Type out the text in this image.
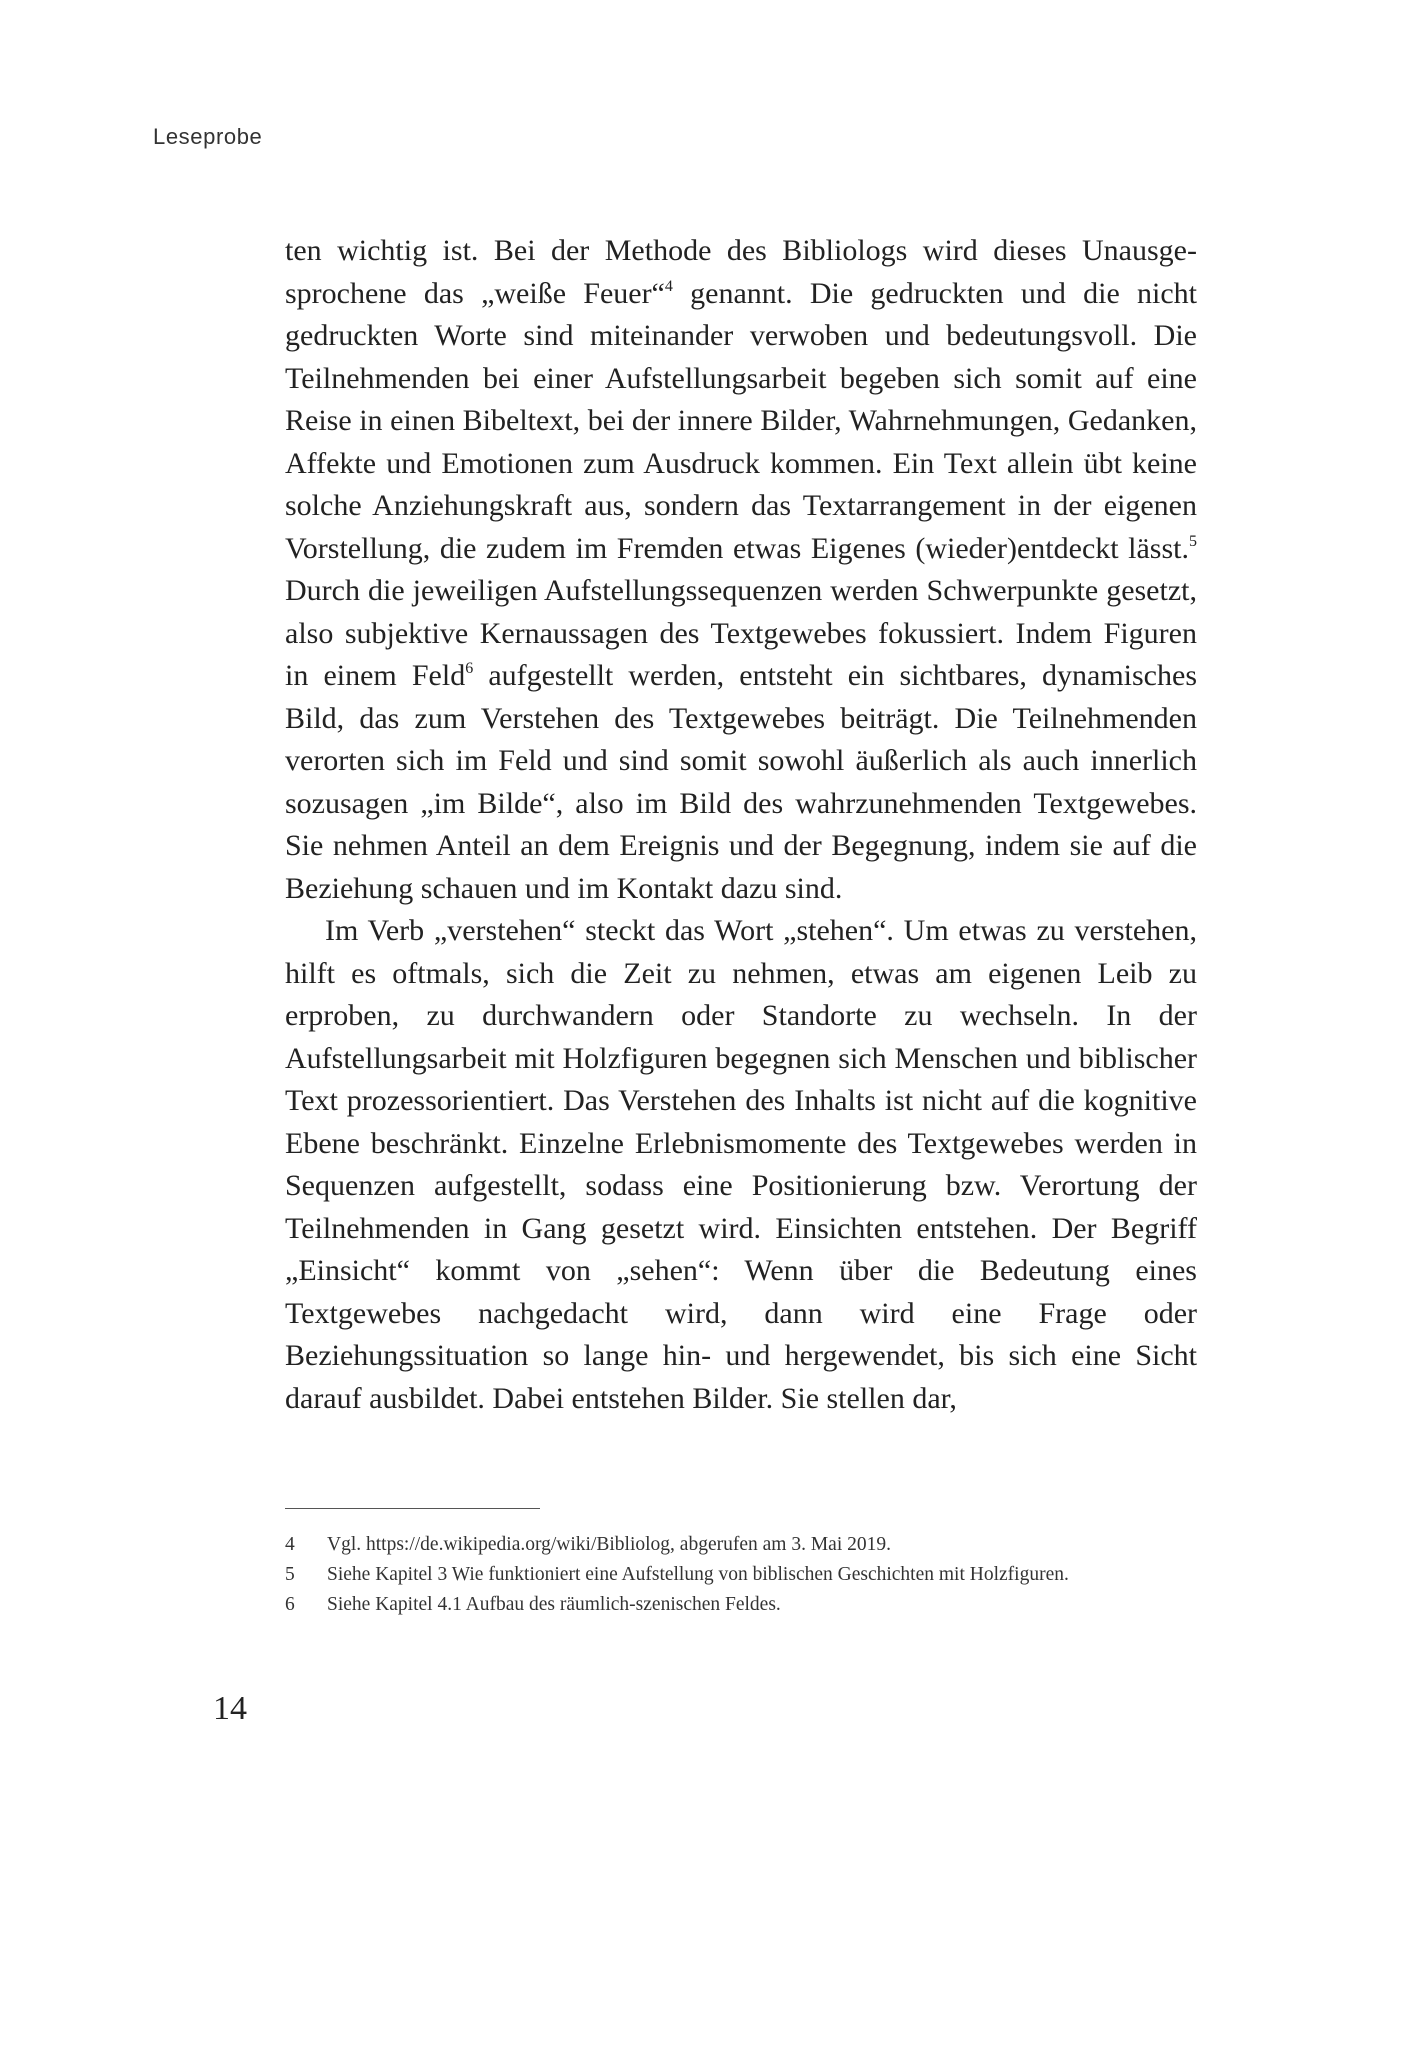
Leseprobe

ten wichtig ist. Bei der Methode des Bibliologs wird dieses Unausgesprochene das „weiße Feuer“$^4$ genannt. Die gedruckten und die nicht gedruckten Worte sind miteinander verwoben und bedeutungsvoll. Die Teilnehmenden bei einer Aufstellungsarbeit begeben sich somit auf eine Reise in einen Bibeltext, bei der innere Bilder, Wahrnehmungen, Gedanken, Affekte und Emotionen zum Ausdruck kommen. Ein Text allein übt keine solche Anziehungskraft aus, sondern das Textarrangement in der eigenen Vorstellung, die zudem im Fremden etwas Eigenes (wieder)entdeckt lässt.$^5$ Durch die jeweiligen Aufstellungssequenzen werden Schwerpunkte gesetzt, also subjektive Kernaussagen des Textgewebes fokussiert. Indem Figuren in einem Feld$^6$ aufgestellt werden, entsteht ein sichtbares, dynamisches Bild, das zum Verstehen des Textgewebes beiträgt. Die Teilnehmenden verorten sich im Feld und sind somit sowohl äußerlich als auch innerlich sozusagen „im Bilde“, also im Bild des wahrzunehmenden Textgewebes. Sie nehmen Anteil an dem Ereignis und der Begegnung, indem sie auf die Beziehung schauen und im Kontakt dazu sind.

Im Verb „verstehen“ steckt das Wort „stehen“. Um etwas zu verstehen, hilft es oftmals, sich die Zeit zu nehmen, etwas am eigenen Leib zu erproben, zu durchwandern oder Standorte zu wechseln. In der Aufstellungsarbeit mit Holzfiguren begegnen sich Menschen und biblischer Text prozessorientiert. Das Verstehen des Inhalts ist nicht auf die kognitive Ebene beschränkt. Einzelne Erlebnismomente des Textgewebes werden in Sequenzen aufgestellt, sodass eine Positionierung bzw. Verortung der Teilnehmenden in Gang gesetzt wird. Einsichten entstehen. Der Begriff „Einsicht“ kommt von „sehen“: Wenn über die Bedeutung eines Textgewebes nachgedacht wird, dann wird eine Frage oder Beziehungssituation so lange hin- und hergewendet, bis sich eine Sicht darauf ausbildet. Dabei entstehen Bilder. Sie stellen dar,

4 Vgl. https://de.wikipedia.org/wiki/Bibliolog, abgerufen am 3. Mai 2019.
5 Siehe Kapitel 3 Wie funktioniert eine Aufstellung von biblischen Geschichten mit Holzfiguren.
6 Siehe Kapitel 4.1 Aufbau des räumlich-szenischen Feldes.
14
